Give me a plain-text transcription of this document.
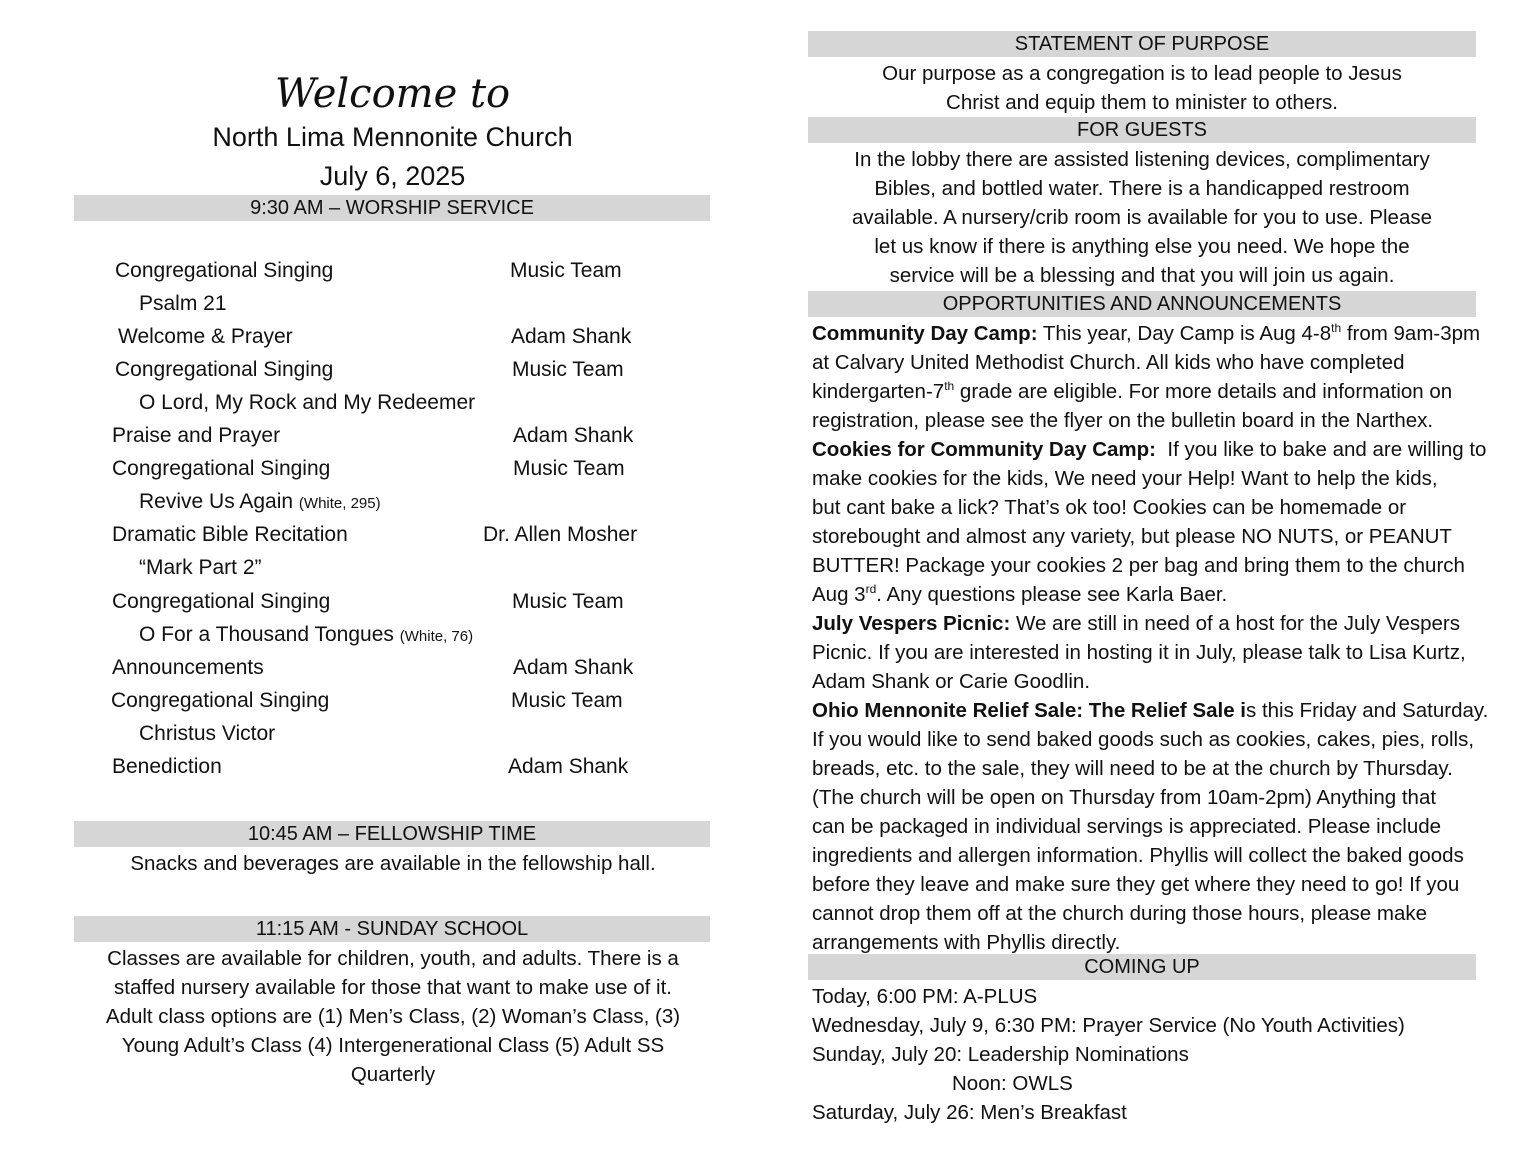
Welcome to
North Lima Mennonite Church
July 6, 2025
9:30 AM – WORSHIP SERVICE
Congregational Singing	Music Team
Psalm 21
Welcome & Prayer	Adam Shank
Congregational Singing	Music Team
O Lord, My Rock and My Redeemer
Praise and Prayer	Adam Shank
Congregational Singing	Music Team
Revive Us Again (White, 295)
Dramatic Bible Recitation	Dr. Allen Mosher
“Mark Part 2”
Congregational Singing	Music Team
O For a Thousand Tongues (White, 76)
Announcements	Adam Shank
Congregational Singing	Music Team
Christus Victor
Benediction	Adam Shank
10:45 AM – FELLOWSHIP TIME
Snacks and beverages are available in the fellowship hall.
11:15 AM - SUNDAY SCHOOL
Classes are available for children, youth, and adults. There is a
staffed nursery available for those that want to make use of it.
Adult class options are (1) Men’s Class, (2) Woman’s Class, (3)
Young Adult’s Class (4) Intergenerational Class (5) Adult SS
Quarterly
STATEMENT OF PURPOSE
Our purpose as a congregation is to lead people to Jesus
Christ and equip them to minister to others.
FOR GUESTS
In the lobby there are assisted listening devices, complimentary
Bibles, and bottled water. There is a handicapped restroom
available. A nursery/crib room is available for you to use. Please
let us know if there is anything else you need. We hope the
service will be a blessing and that you will join us again.
OPPORTUNITIES AND ANNOUNCEMENTS
Community Day Camp: This year, Day Camp is Aug 4-8th from 9am-3pm
at Calvary United Methodist Church. All kids who have completed
kindergarten-7th grade are eligible. For more details and information on
registration, please see the flyer on the bulletin board in the Narthex.
Cookies for Community Day Camp:  If you like to bake and are willing to
make cookies for the kids, We need your Help! Want to help the kids,
but cant bake a lick? That’s ok too! Cookies can be homemade or
storebought and almost any variety, but please NO NUTS, or PEANUT
BUTTER! Package your cookies 2 per bag and bring them to the church
Aug 3rd. Any questions please see Karla Baer.
July Vespers Picnic: We are still in need of a host for the July Vespers
Picnic. If you are interested in hosting it in July, please talk to Lisa Kurtz,
Adam Shank or Carie Goodlin.
Ohio Mennonite Relief Sale: The Relief Sale is this Friday and Saturday.
If you would like to send baked goods such as cookies, cakes, pies, rolls,
breads, etc. to the sale, they will need to be at the church by Thursday.
(The church will be open on Thursday from 10am-2pm) Anything that
can be packaged in individual servings is appreciated. Please include
ingredients and allergen information. Phyllis will collect the baked goods
before they leave and make sure they get where they need to go! If you
cannot drop them off at the church during those hours, please make
arrangements with Phyllis directly.
COMING UP
Today, 6:00 PM: A-PLUS
Wednesday, July 9, 6:30 PM: Prayer Service (No Youth Activities)
Sunday, July 20: Leadership Nominations
Noon: OWLS
Saturday, July 26: Men’s Breakfast
